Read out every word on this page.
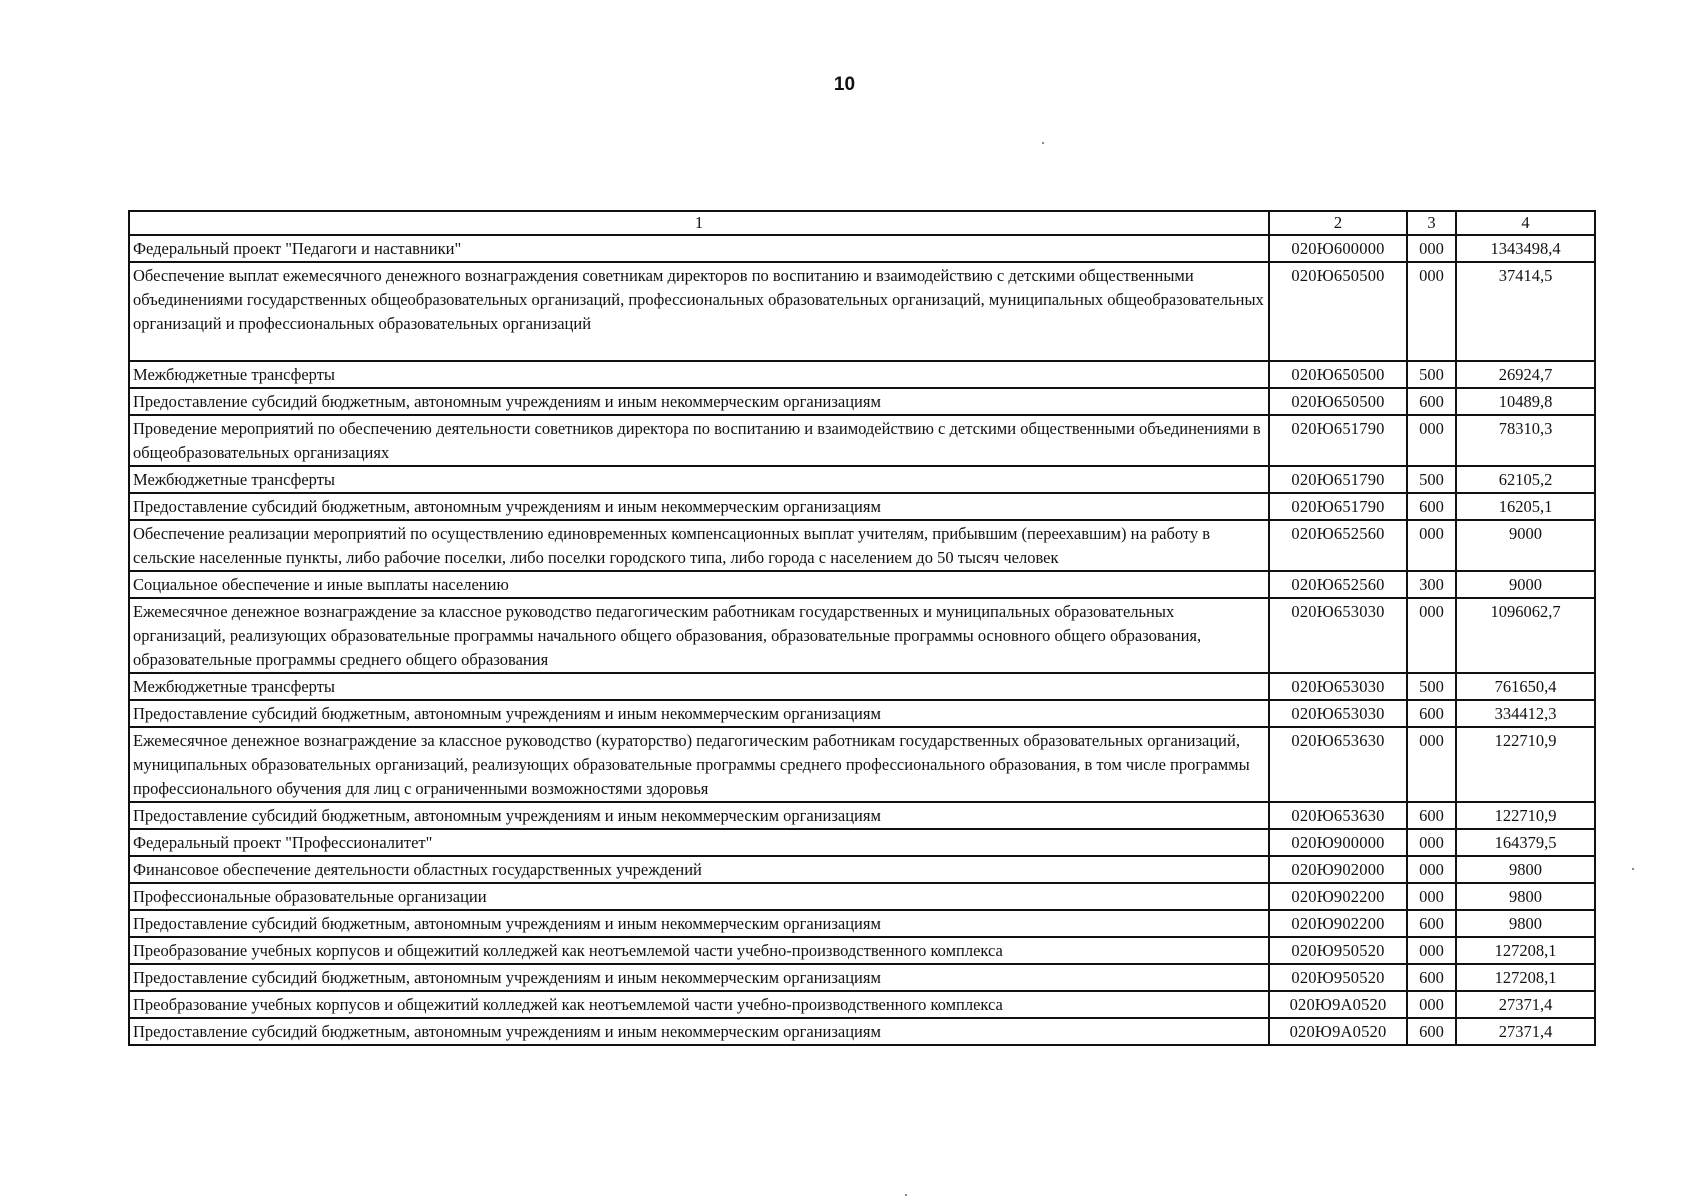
10
1	2	3	4
Федеральный проект "Педагоги и наставники"	020Ю600000	000	1343498,4
Обеспечение выплат ежемесячного денежного вознаграждения советникам директоров по воспитанию и взаимодействию с детскими общественными объединениями государственных общеобразовательных организаций, профессиональных образовательных организаций, муниципальных общеобразовательных организаций и профессиональных образовательных организаций	020Ю650500	000	37414,5
Межбюджетные трансферты	020Ю650500	500	26924,7
Предоставление субсидий бюджетным, автономным учреждениям и иным некоммерческим организациям	020Ю650500	600	10489,8
Проведение мероприятий по обеспечению деятельности советников директора по воспитанию и взаимодействию с детскими общественными объединениями в общеобразовательных организациях	020Ю651790	000	78310,3
Межбюджетные трансферты	020Ю651790	500	62105,2
Предоставление субсидий бюджетным, автономным учреждениям и иным некоммерческим организациям	020Ю651790	600	16205,1
Обеспечение реализации мероприятий по осуществлению единовременных компенсационных выплат учителям, прибывшим (переехавшим) на работу в сельские населенные пункты, либо рабочие поселки, либо поселки городского типа, либо города с населением до 50 тысяч человек	020Ю652560	000	9000
Социальное обеспечение и иные выплаты населению	020Ю652560	300	9000
Ежемесячное денежное вознаграждение за классное руководство педагогическим работникам государственных и муниципальных образовательных организаций, реализующих образовательные программы начального общего образования, образовательные программы основного общего образования, образовательные программы среднего общего образования	020Ю653030	000	1096062,7
Межбюджетные трансферты	020Ю653030	500	761650,4
Предоставление субсидий бюджетным, автономным учреждениям и иным некоммерческим организациям	020Ю653030	600	334412,3
Ежемесячное денежное вознаграждение за классное руководство (кураторство) педагогическим работникам государственных образовательных организаций, муниципальных образовательных организаций, реализующих образовательные программы среднего профессионального образования, в том числе программы профессионального обучения для лиц с ограниченными возможностями здоровья	020Ю653630	000	122710,9
Предоставление субсидий бюджетным, автономным учреждениям и иным некоммерческим организациям	020Ю653630	600	122710,9
Федеральный проект "Профессионалитет"	020Ю900000	000	164379,5
Финансовое обеспечение деятельности областных государственных учреждений	020Ю902000	000	9800
Профессиональные образовательные организации	020Ю902200	000	9800
Предоставление субсидий бюджетным, автономным учреждениям и иным некоммерческим организациям	020Ю902200	600	9800
Преобразование учебных корпусов и общежитий колледжей как неотъемлемой части учебно-производственного комплекса	020Ю950520	000	127208,1
Предоставление субсидий бюджетным, автономным учреждениям и иным некоммерческим организациям	020Ю950520	600	127208,1
Преобразование учебных корпусов и общежитий колледжей как неотъемлемой части учебно-производственного комплекса	020Ю9А0520	000	27371,4
Предоставление субсидий бюджетным, автономным учреждениям и иным некоммерческим организациям	020Ю9А0520	600	27371,4
